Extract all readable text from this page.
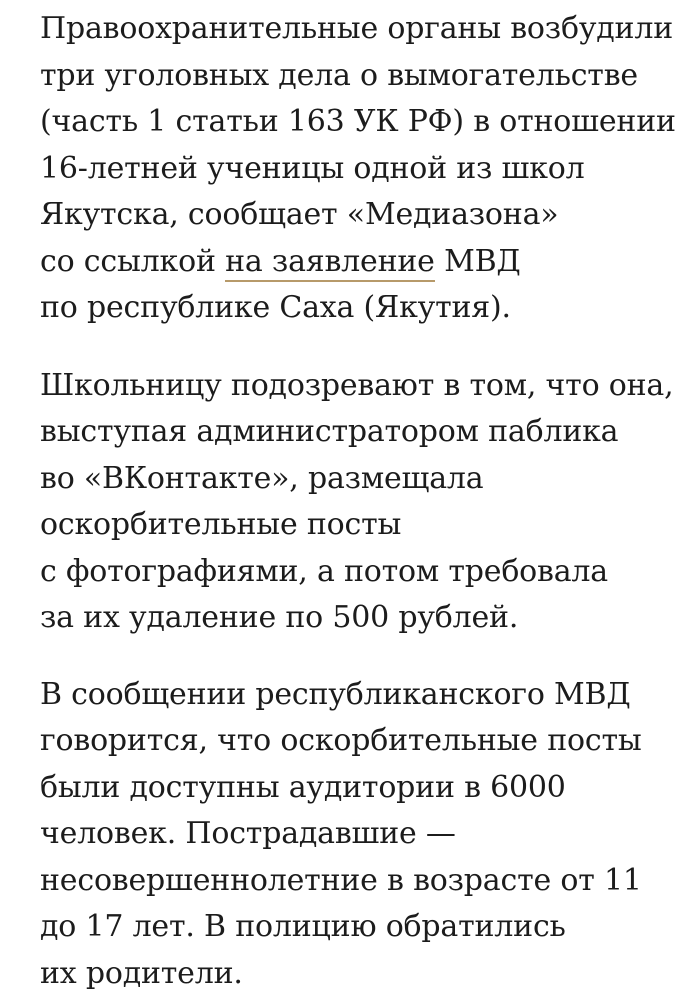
Правоохранительные органы возбудили
три уголовных дела о вымогательстве
(часть 1 статьи 163 УК РФ) в отношении
16-летней ученицы одной из школ
Якутска, сообщает «Медиазона»
со ссылкой на заявление МВД
по республике Саха (Якутия).

Школьницу подозревают в том, что она,
выступая администратором паблика
во «ВКонтакте», размещала
оскорбительные посты
с фотографиями, а потом требовала
за их удаление по 500 рублей.

В сообщении республиканского МВД
говорится, что оскорбительные посты
были доступны аудитории в 6000
человек. Пострадавшие —
несовершеннолетние в возрасте от 11
до 17 лет. В полицию обратились
их родители.
